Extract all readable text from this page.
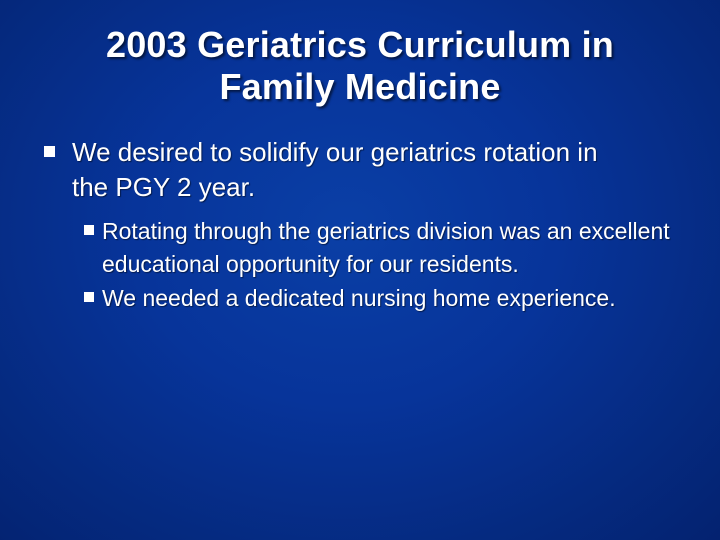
2003 Geriatrics Curriculum in Family Medicine
We desired to solidify our geriatrics rotation in the PGY 2 year.
Rotating through the geriatrics division was an excellent educational opportunity for our residents.
We needed a dedicated nursing home experience.
